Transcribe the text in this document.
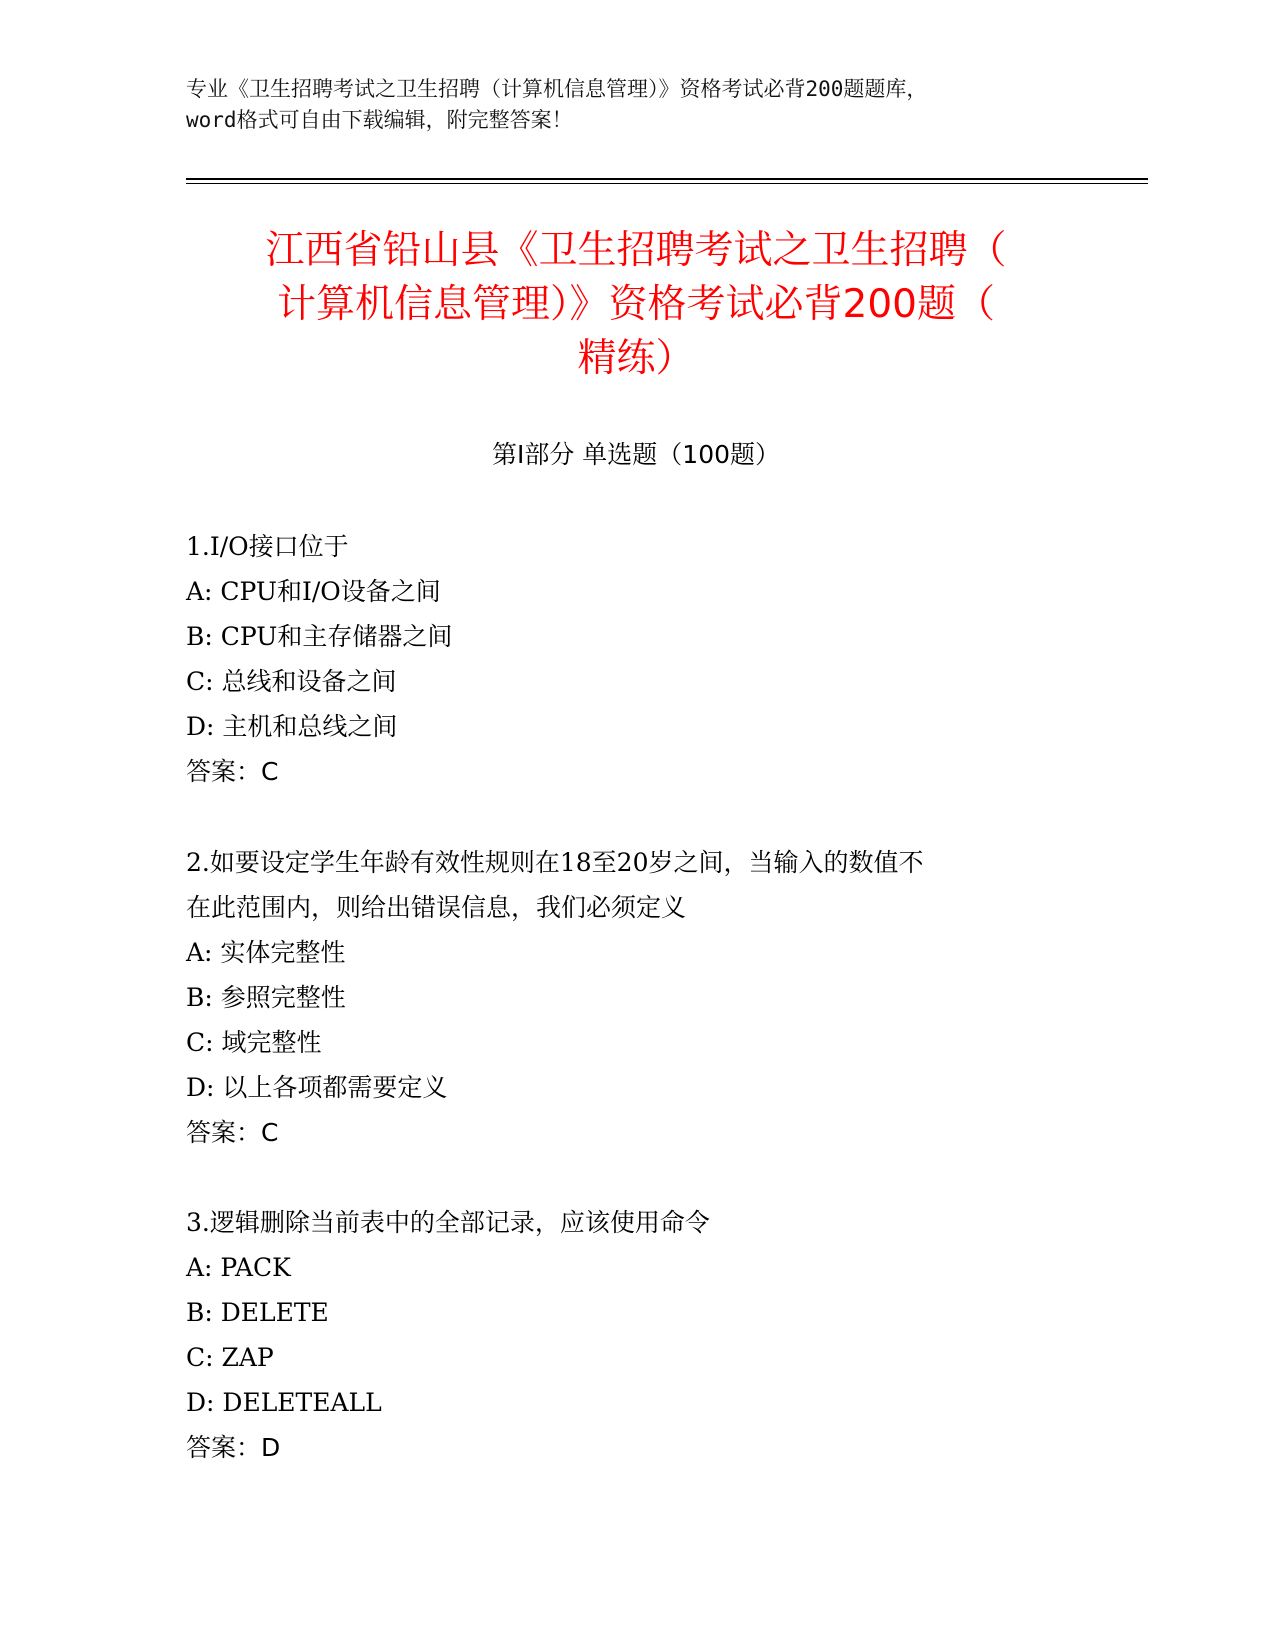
专业《卫生招聘考试之卫生招聘（计算机信息管理）》资格考试必背200题题库，
word格式可自由下载编辑，附完整答案！
江西省铅山县《卫生招聘考试之卫生招聘（
计算机信息管理）》资格考试必背200题（
精练）
第Ⅰ部分 单选题（100题）
1.I/O接口位于
A: CPU和I/O设备之间
B: CPU和主存储器之间
C: 总线和设备之间
D: 主机和总线之间
答案：C
2.如要设定学生年龄有效性规则在18至20岁之间，当输入的数值不
在此范围内，则给出错误信息，我们必须定义
A: 实体完整性
B: 参照完整性
C: 域完整性
D: 以上各项都需要定义
答案：C
3.逻辑删除当前表中的全部记录，应该使用命令
A: PACK
B: DELETE
C: ZAP
D: DELETEALL
答案：D
